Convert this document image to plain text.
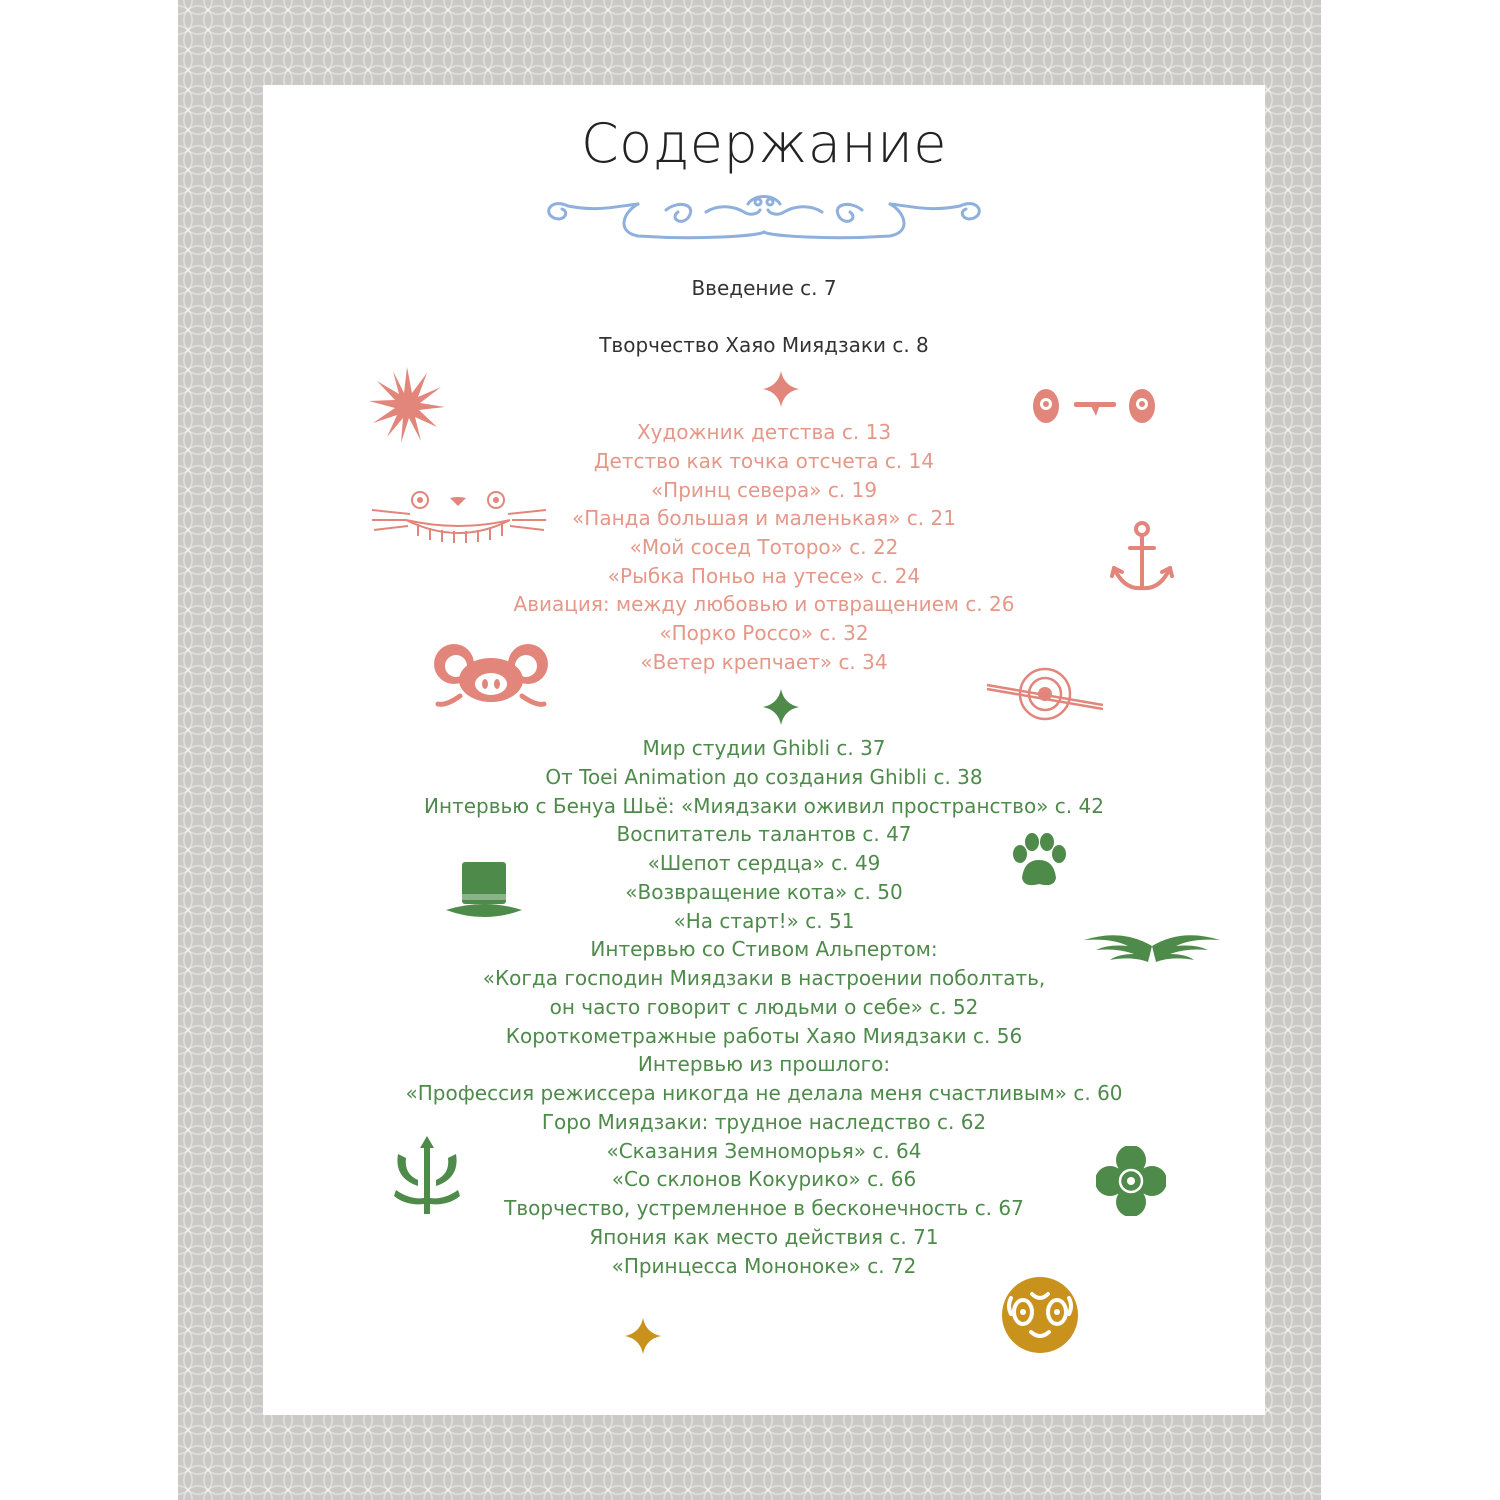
Содержание
Введение с. 7
Творчество Хаяо Миядзаки с. 8
Художник детства с. 13
Детство как точка отсчета с. 14
«Принц севера» с. 19
«Панда большая и маленькая» с. 21
«Мой сосед Тоторо» с. 22
«Рыбка Поньо на утесе» с. 24
Авиация: между любовью и отвращением с. 26
«Порко Россо» с. 32
«Ветер крепчает» с. 34
Мир студии Ghibli с. 37
От Toei Animation до создания Ghibli с. 38
Интервью с Бенуа Шьё: «Миядзаки оживил пространство» с. 42
Воспитатель талантов с. 47
«Шепот сердца» с. 49
«Возвращение кота» с. 50
«На старт!» с. 51
Интервью со Стивом Альпертом:
«Когда господин Миядзаки в настроении поболтать,
он часто говорит с людьми о себе» с. 52
Короткометражные работы Хаяо Миядзаки с. 56
Интервью из прошлого:
«Профессия режиссера никогда не делала меня счастливым» с. 60
Горо Миядзаки: трудное наследство с. 62
«Сказания Земноморья» с. 64
«Со склонов Кокурико» с. 66
Творчество, устремленное в бесконечность с. 67
Япония как место действия с. 71
«Принцесса Мононоке» с. 72
